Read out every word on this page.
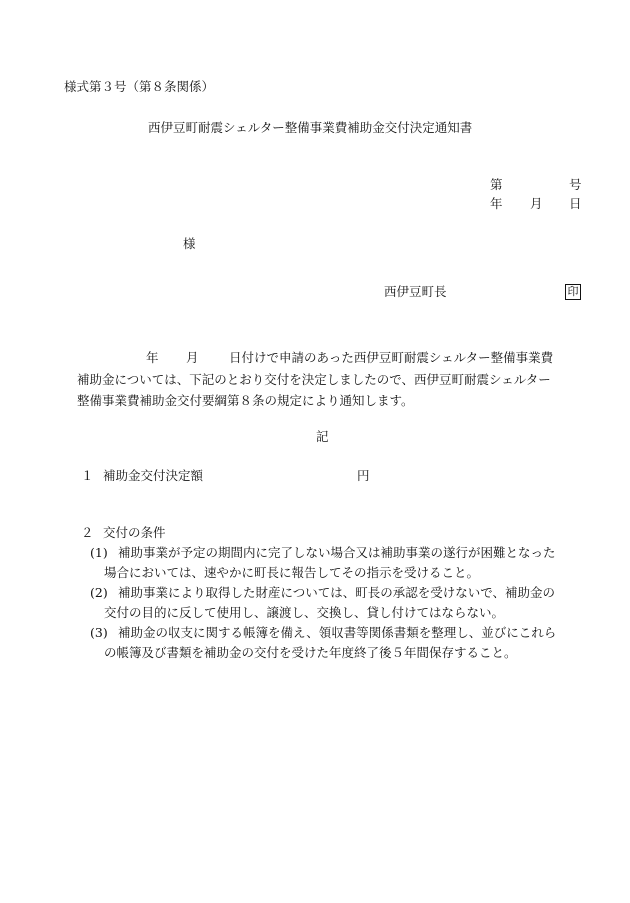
様式第３号（第８条関係）
西伊豆町耐震シェルター整備事業費補助金交付決定通知書
第	号
年 月 日
様
西伊豆町長	印
年 月 日付けで申請のあった西伊豆町耐震シェルター整備事業費
補助金については、下記のとおり交付を決定しましたので、西伊豆町耐震シェルター
整備事業費補助金交付要綱第８条の規定により通知します。
記
１ 補助金交付決定額	円
２ 交付の条件
(1) 補助事業が予定の期間内に完了しない場合又は補助事業の遂行が困難となった
場合においては、速やかに町長に報告してその指示を受けること。
(2) 補助事業により取得した財産については、町長の承認を受けないで、補助金の
交付の目的に反して使用し、譲渡し、交換し、貸し付けてはならない。
(3) 補助金の収支に関する帳簿を備え、領収書等関係書類を整理し、並びにこれら
の帳簿及び書類を補助金の交付を受けた年度終了後５年間保存すること。
